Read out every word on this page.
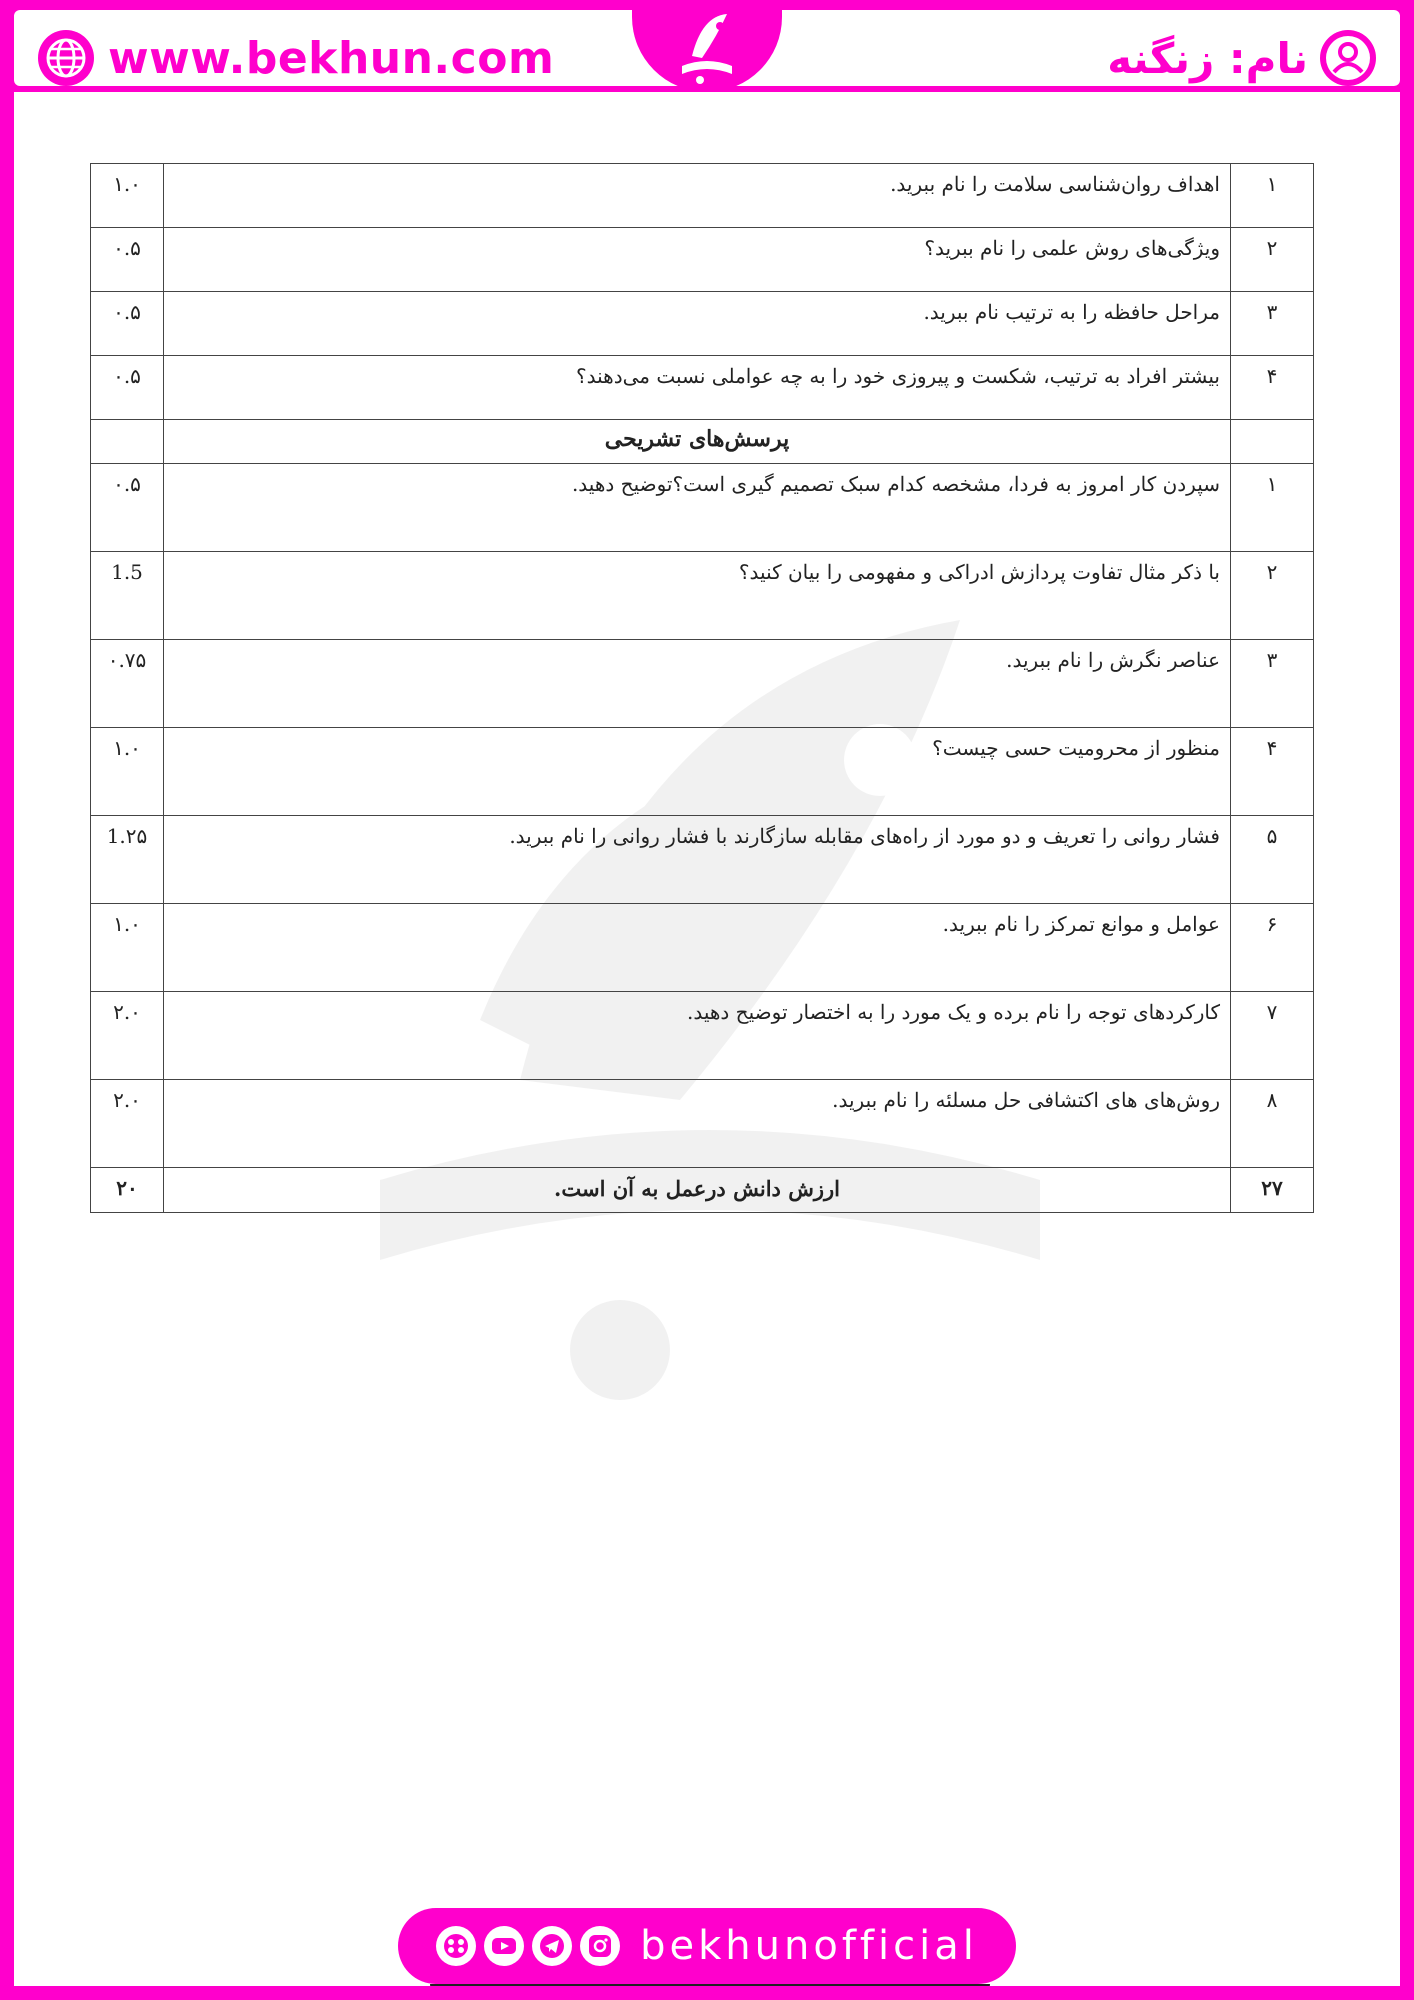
www.bekhun.com	نام: زنگنه
۱	اهداف روان‌شناسی سلامت را نام ببرید.	۱.۰
۲	ویژگی‌های روش علمی را نام ببرید؟	۰.۵
۳	مراحل حافظه را به ترتیب نام ببرید.	۰.۵
۴	بیشتر افراد به ترتیب، شکست و پیروزی خود را به چه عواملی نسبت می‌دهند؟	۰.۵
	پرسش‌های تشریحی	
۱	سپردن کار امروز به فردا، مشخصه کدام سبک تصمیم گیری است؟توضیح دهید.	۰.۵
۲	با ذکر مثال تفاوت پردازش ادراکی و مفهومی را بیان کنید؟	1.5
۳	عناصر نگرش را نام ببرید.	۰.۷۵
۴	منظور از محرومیت حسی چیست؟	۱.۰
۵	فشار روانی را تعریف و دو مورد از راه‌های مقابله سازگارند با فشار روانی را نام ببرید.	1.۲۵
۶	عوامل و موانع تمرکز را نام ببرید.	۱.۰
۷	کارکردهای توجه را نام برده و یک مورد را به اختصار توضیح دهید.	۲.۰
۸	روش‌های های اکتشافی حل مسلئه را نام ببرید.	۲.۰
۲۷	ارزش دانش درعمل به آن است.	۲۰
bekhunofficial
